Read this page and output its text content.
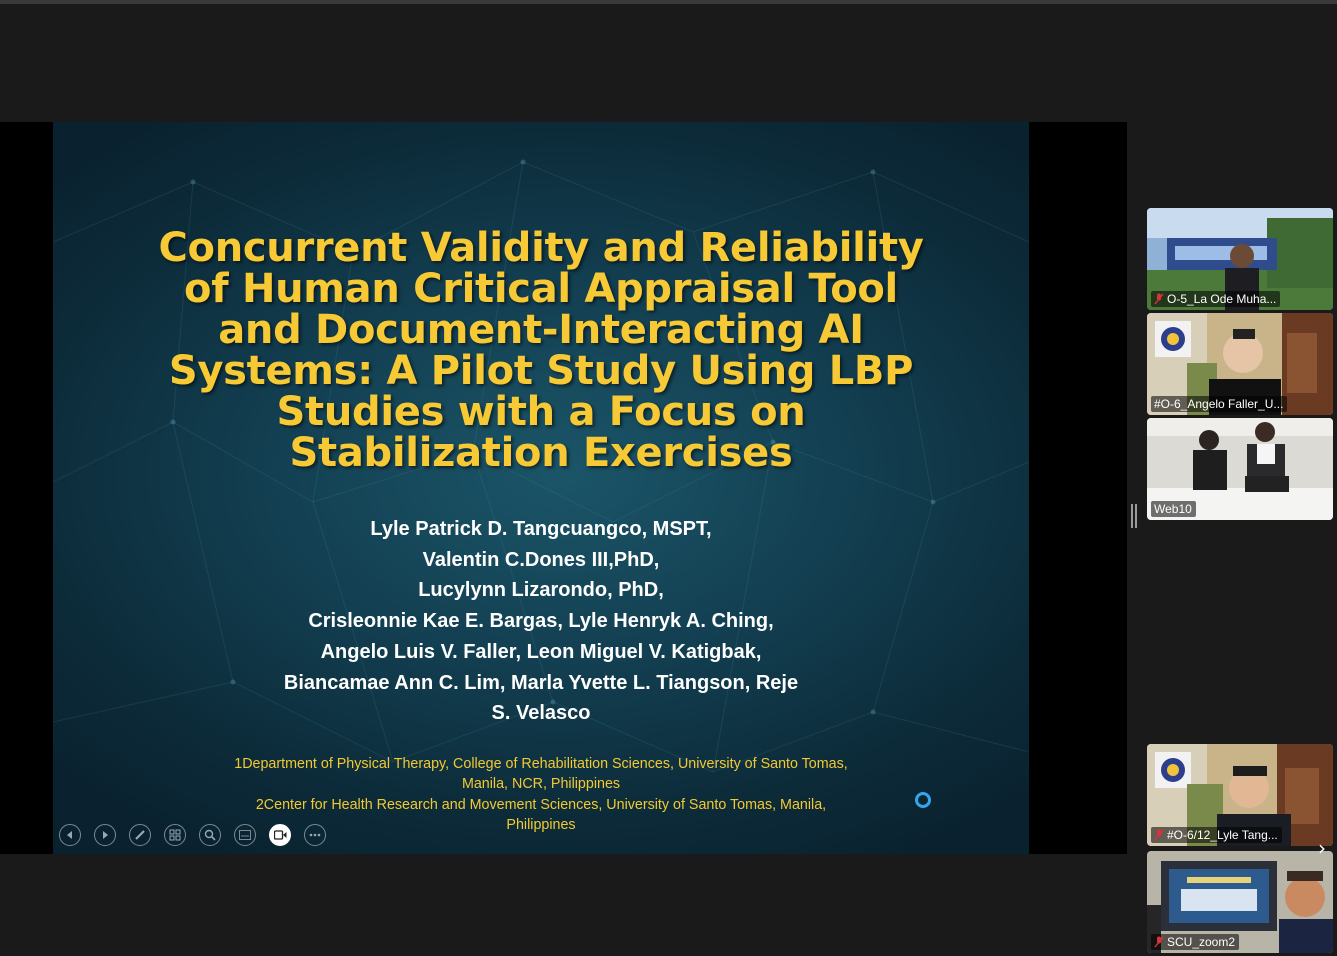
Concurrent Validity and Reliability
of Human Critical Appraisal Tool
and Document-Interacting AI
Systems: A Pilot Study Using LBP
Studies with a Focus on
Stabilization Exercises
Lyle Patrick D. Tangcuangco, MSPT,
Valentin C.Dones III,PhD,
Lucylynn Lizarondo, PhD,
Crisleonnie Kae E. Bargas, Lyle Henryk A. Ching,
Angelo Luis V. Faller, Leon Miguel V. Katigbak,
Biancamae Ann C. Lim, Marla Yvette L. Tiangson, Reje
S. Velasco
1Department of Physical Therapy, College of Rehabilitation Sciences, University of Santo Tomas,
Manila, NCR, Philippines
2Center for Health Research and Movement Sciences, University of Santo Tomas, Manila,
Philippines
O-5_La Ode Muha...
#O-6_Angelo Faller_U...
Web10
#O-6/12_Lyle Tang...
SCU_zoom2
›
